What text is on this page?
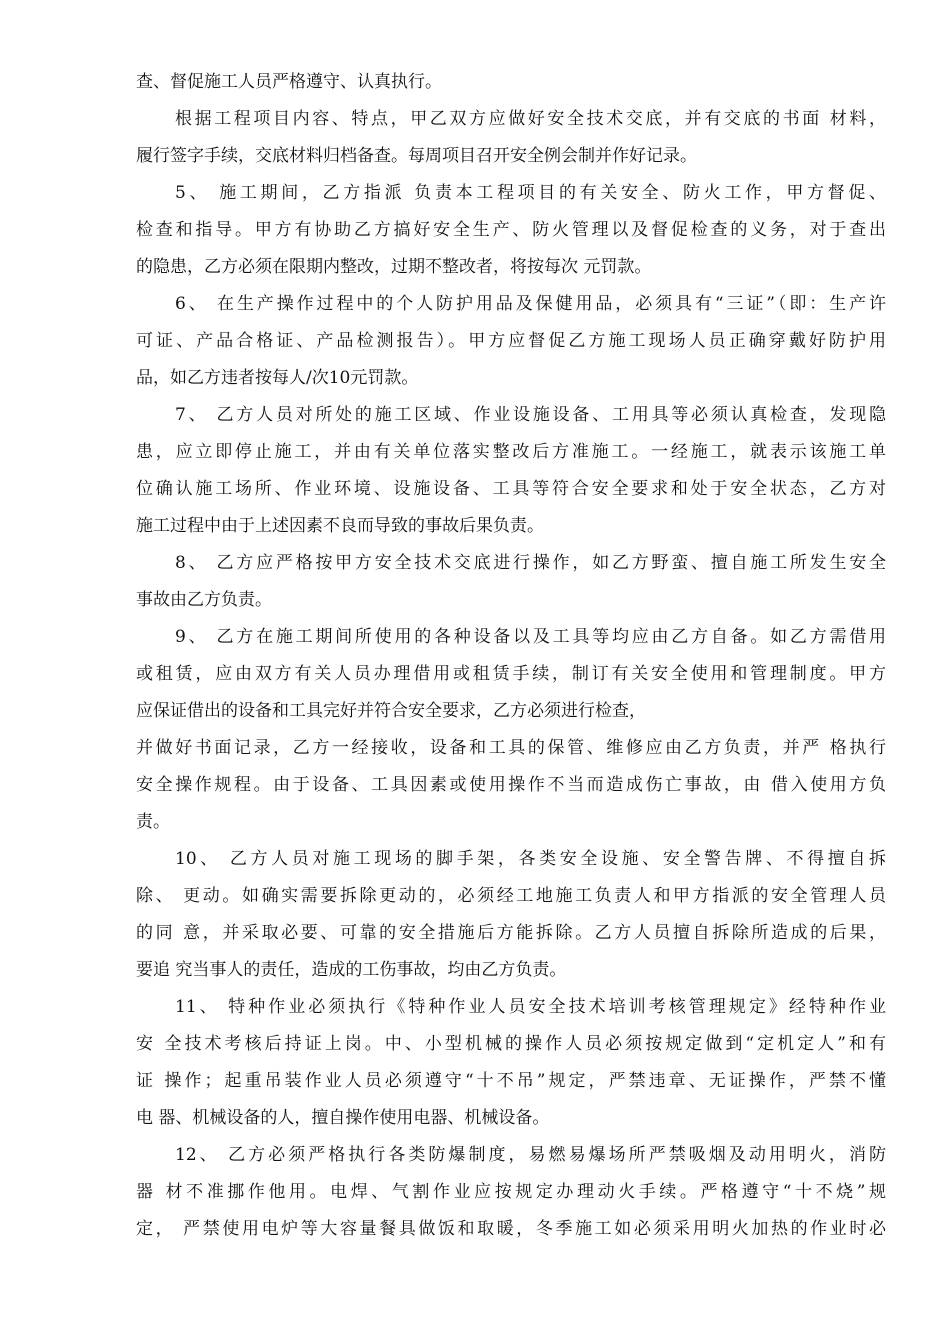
查、督促施工人员严格遵守、认真执行。

根据工程项目内容、特点，甲乙双方应做好安全技术交底，并有交底的书面 材料，

履行签字手续，交底材料归档备查。每周项目召开安全例会制并作好记录。

5、 施工期间，乙方指派 负责本工程项目的有关安全、防火工作，甲方督促、

检查和指导。甲方有协助乙方搞好安全生产、防火管理以及督促检查的义务，对于查出

的隐患，乙方必须在限期内整改，过期不整改者，将按每次 元罚款。

6、 在生产操作过程中的个人防护用品及保健用品，必须具有“三证”（即：生产许

可证、产品合格证、产品检测报告）。甲方应督促乙方施工现场人员正确穿戴好防护用

品，如乙方违者按每人/次10元罚款。

7、 乙方人员对所处的施工区域、作业设施设备、工用具等必须认真检查，发现隐

患，应立即停止施工，并由有关单位落实整改后方准施工。一经施工，就表示该施工单

位确认施工场所、作业环境、设施设备、工具等符合安全要求和处于安全状态，乙方对

施工过程中由于上述因素不良而导致的事故后果负责。

8、 乙方应严格按甲方安全技术交底进行操作，如乙方野蛮、擅自施工所发生安全

事故由乙方负责。

9、 乙方在施工期间所使用的各种设备以及工具等均应由乙方自备。如乙方需借用

或租赁，应由双方有关人员办理借用或租赁手续，制订有关安全使用和管理制度。甲方

应保证借出的设备和工具完好并符合安全要求，乙方必须进行检查，

并做好书面记录，乙方一经接收，设备和工具的保管、维修应由乙方负责，并严 格执行

安全操作规程。由于设备、工具因素或使用操作不当而造成伤亡事故，由 借入使用方负

责。

10、 乙方人员对施工现场的脚手架，各类安全设施、安全警告牌、不得擅自拆

除、 更动。如确实需要拆除更动的，必须经工地施工负责人和甲方指派的安全管理人员

的同 意，并采取必要、可靠的安全措施后方能拆除。乙方人员擅自拆除所造成的后果，

要追 究当事人的责任，造成的工伤事故，均由乙方负责。

11、 特种作业必须执行《特种作业人员安全技术培训考核管理规定》经特种作业

安 全技术考核后持证上岗。中、小型机械的操作人员必须按规定做到“定机定人”和有

证 操作；起重吊装作业人员必须遵守“十不吊”规定，严禁违章、无证操作，严禁不懂

电 器、机械设备的人，擅自操作使用电器、机械设备。

12、 乙方必须严格执行各类防爆制度，易燃易爆场所严禁吸烟及动用明火，消防

器 材不准挪作他用。电焊、气割作业应按规定办理动火手续。严格遵守“十不烧”规

定， 严禁使用电炉等大容量餐具做饭和取暖，冬季施工如必须采用明火加热的作业时必
